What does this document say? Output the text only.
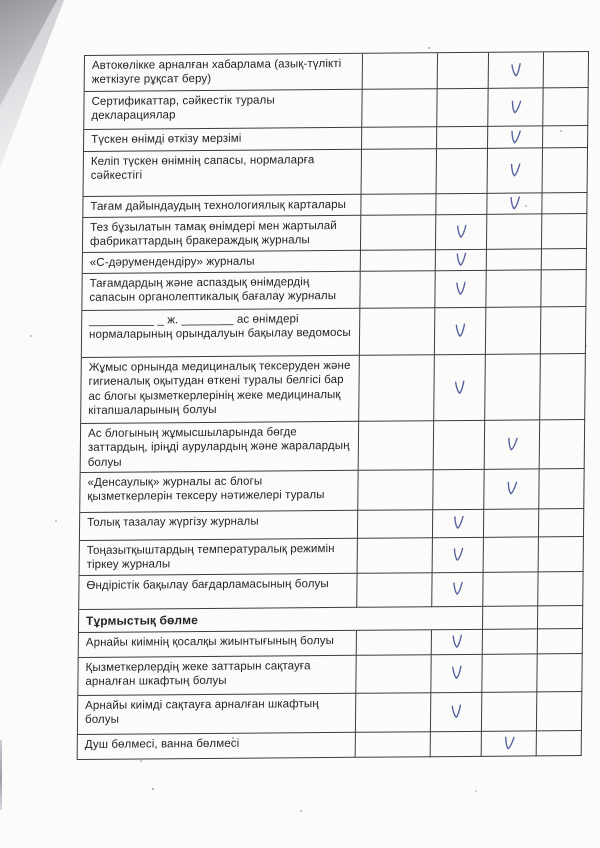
Автокөлікке арналған хабарлама (азық-түлікті жеткізуге рұқсат беру)
Сертификаттар, сәйкестік туралы декларациялар
Түскен өнімді өткізу мерзімі
Келіп түскен өнімнің сапасы, нормаларға сәйкестігі
Тағам дайындаудың технологиялық карталары
Тез бұзылатын тамақ өнімдері мен жартылай фабрикаттардың бракераждық журналы
«С-дәрумендендіру» журналы
Тағамдардың және аспаздық өнімдердің сапасын органолептикалық бағалау журналы
__________ _ ж. ________ ас өнімдері нормаларының орындалуын бақылау ведомосы
Жұмыс орнында медициналық тексеруден және гигиеналық оқытудан өткені туралы белгісі бар ас блогы қызметкерлерінің жеке медициналық кітапшаларының болуы
Ас блогының жұмысшыларында бөгде заттардың, іріңді аурулардың және жаралардың болуы
«Денсаулық» журналы ас блогы қызметкерлерін тексеру нәтижелері туралы
Толық тазалау жүргізу журналы
Тоңазытқыштардың температуралық режимін тіркеу журналы
Өндірістік бақылау бағдарламасының болуы
Тұрмыстық бөлме
Арнайы киімнің қосалқы жиынтығының болуы
Қызметкерлердің жеке заттарын сақтауға арналған шкафтың болуы
Арнайы киімді сақтауға арналған шкафтың болуы
Душ бөлмесі, ванна бөлмесі
